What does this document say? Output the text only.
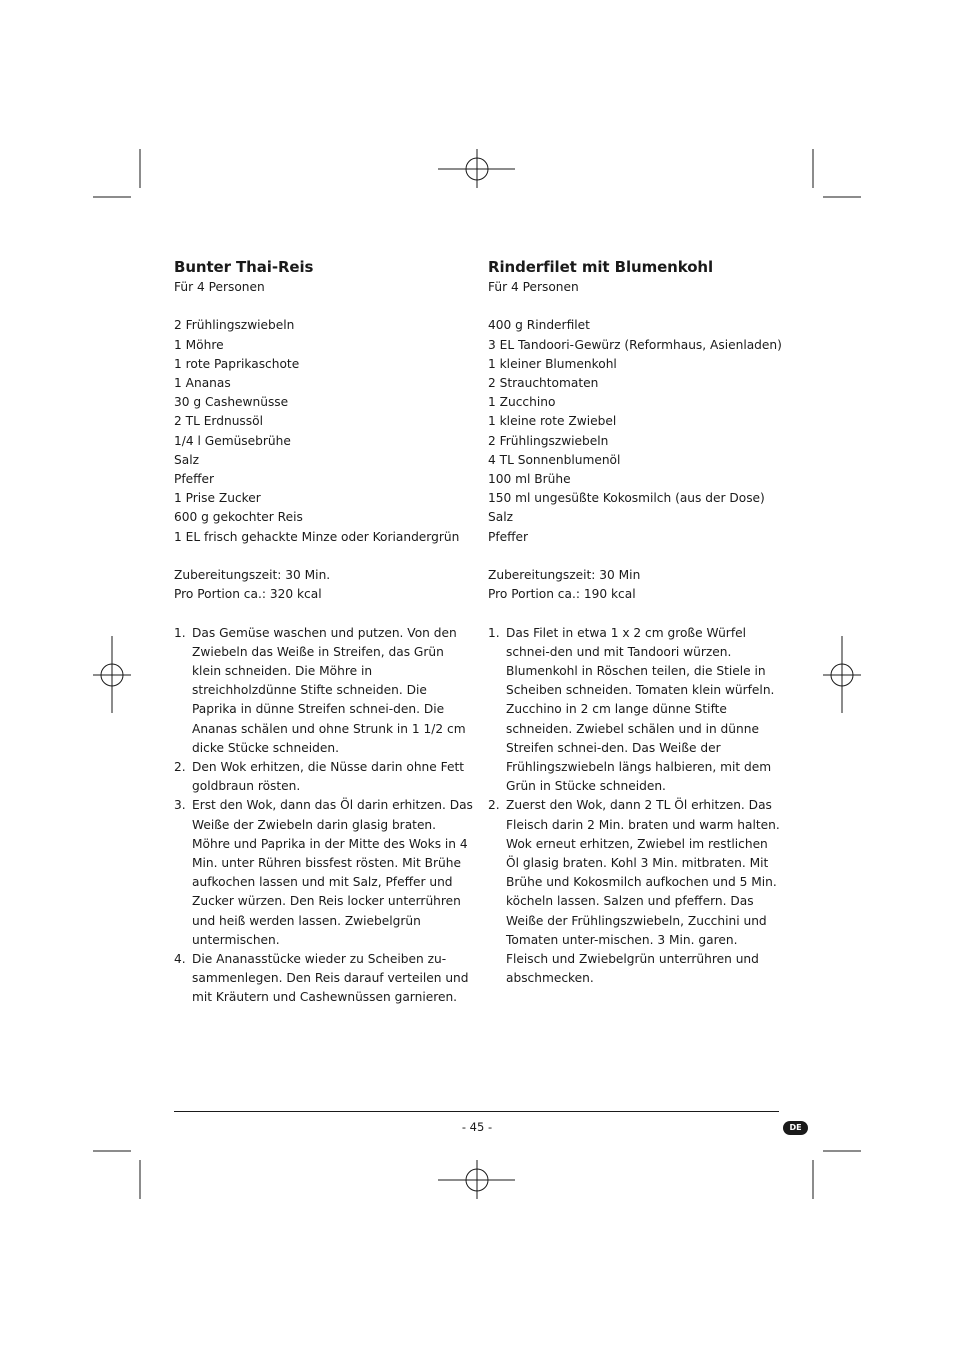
Bunter Thai-Reis

Für 4 Personen

2 Frühlingszwiebeln
1 Möhre
1 rote Paprikaschote
1 Ananas
30 g Cashewnüsse
2 TL Erdnussöl
1/4 l Gemüsebrühe
Salz
Pfeffer
1 Prise Zucker
600 g gekochter Reis
1 EL frisch gehackte Minze oder Koriandergrün

Zubereitungszeit: 30 Min.

Pro Portion ca.: 320 kcal

1. Das Gemüse waschen und putzen. Von den Zwiebeln das Weiße in Streifen, das Grün klein schneiden. Die Möhre in streichholzdünne Stifte schneiden. Die Paprika in dünne Streifen schnei-den. Die Ananas schälen und ohne Strunk in 1 1/2 cm dicke Stücke schneiden.
2. Den Wok erhitzen, die Nüsse darin ohne Fett goldbraun rösten.
3. Erst den Wok, dann das Öl darin erhitzen. Das Weiße der Zwiebeln darin glasig braten. Möhre und Paprika in der Mitte des Woks in 4 Min. unter Rühren bissfest rösten. Mit Brühe aufkochen lassen und mit Salz, Pfeffer und Zucker würzen. Den Reis locker unterrühren und heiß werden lassen. Zwiebelgrün untermischen.
4. Die Ananasstücke wieder zu Scheiben zu-sammenlegen. Den Reis darauf verteilen und mit Kräutern und Cashewnüssen garnieren.
Rinderfilet mit Blumenkohl

Für 4 Personen

400 g Rinderfilet
3 EL Tandoori-Gewürz (Reformhaus, Asienladen)
1 kleiner Blumenkohl
2 Strauchtomaten
1 Zucchino
1 kleine rote Zwiebel
2 Frühlingszwiebeln
4 TL Sonnenblumenöl
100 ml Brühe
150 ml ungesüßte Kokosmilch (aus der Dose)
Salz
Pfeffer

Zubereitungszeit: 30 Min

Pro Portion ca.: 190 kcal

1. Das Filet in etwa 1 x 2 cm große Würfel schnei-den und mit Tandoori würzen. Blumenkohl in Röschen teilen, die Stiele in Scheiben schneiden. Tomaten klein würfeln. Zucchino in 2 cm lange dünne Stifte schneiden. Zwiebel schälen und in dünne Streifen schnei-den. Das Weiße der Frühlingszwiebeln längs halbieren, mit dem Grün in Stücke schneiden.
2. Zuerst den Wok, dann 2 TL Öl erhitzen. Das Fleisch darin 2 Min. braten und warm halten. Wok erneut erhitzen, Zwiebel im restlichen Öl glasig braten. Kohl 3 Min. mitbraten. Mit Brühe und Kokosmilch aufkochen und 5 Min. köcheln lassen. Salzen und pfeffern. Das Weiße der Frühlingszwiebeln, Zucchini und Tomaten unter-mischen. 3 Min. garen. Fleisch und Zwiebelgrün unterrühren und abschmecken.
- 45 -	DE
